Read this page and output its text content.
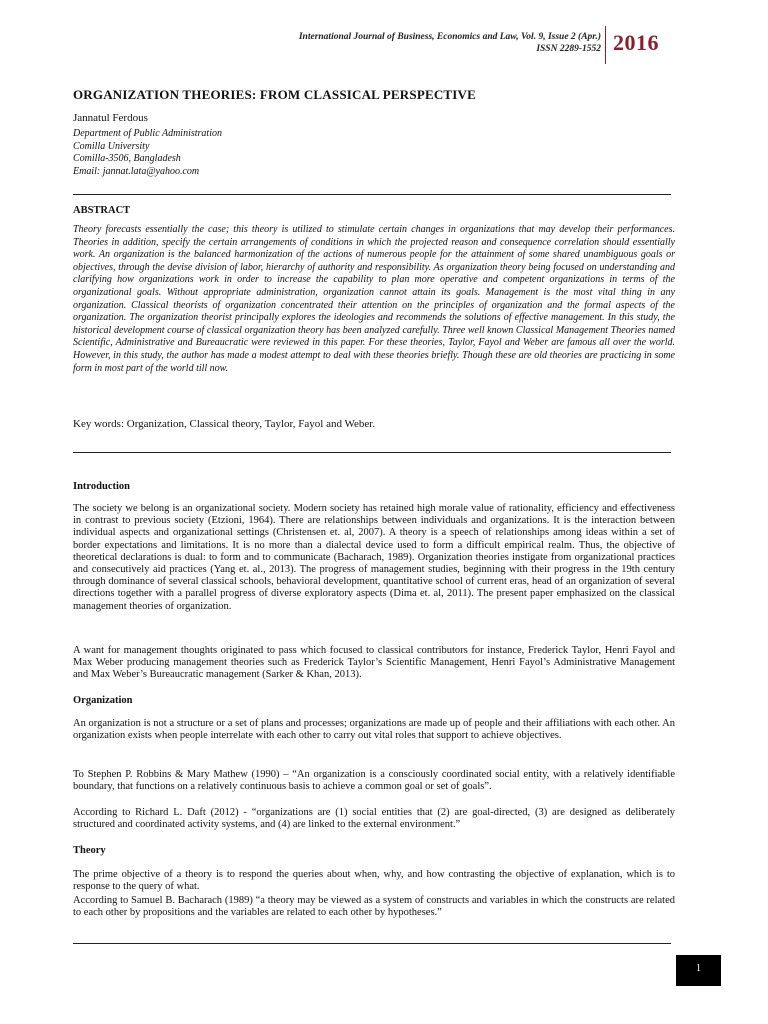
International Journal of Business, Economics and Law, Vol. 9, Issue 2 (Apr.)
ISSN 2289-1552 2016
ORGANIZATION THEORIES: FROM CLASSICAL PERSPECTIVE
Jannatul Ferdous
Department of Public Administration
Comilla University
Comilla-3506, Bangladesh
Email: jannat.lata@yahoo.com
ABSTRACT
Theory forecasts essentially the case; this theory is utilized to stimulate certain changes in organizations that may develop their performances. Theories in addition, specify the certain arrangements of conditions in which the projected reason and consequence correlation should essentially work. An organization is the balanced harmonization of the actions of numerous people for the attainment of some shared unambiguous goals or objectives, through the devise division of labor, hierarchy of authority and responsibility. As organization theory being focused on understanding and clarifying how organizations work in order to increase the capability to plan more operative and competent organizations in terms of the organizational goals. Without appropriate administration, organization cannot attain its goals. Management is the most vital thing in any organization. Classical theorists of organization concentrated their attention on the principles of organization and the formal aspects of the organization. The organization theorist principally explores the ideologies and recommends the solutions of effective management. In this study, the historical development course of classical organization theory has been analyzed carefully. Three well known Classical Management Theories named Scientific, Administrative and Bureaucratic were reviewed in this paper. For these theories, Taylor, Fayol and Weber are famous all over the world. However, in this study, the author has made a modest attempt to deal with these theories briefly. Though these are old theories are practicing in some form in most part of the world till now.
Key words: Organization, Classical theory, Taylor, Fayol and Weber.
Introduction
The society we belong is an organizational society. Modern society has retained high morale value of rationality, efficiency and effectiveness in contrast to previous society (Etzioni, 1964). There are relationships between individuals and organizations. It is the interaction between individual aspects and organizational settings (Christensen et. al, 2007). A theory is a speech of relationships among ideas within a set of border expectations and limitations. It is no more than a dialectal device used to form a difficult empirical realm. Thus, the objective of theoretical declarations is dual: to form and to communicate (Bacharach, 1989). Organization theories instigate from organizational practices and consecutively aid practices (Yang et. al., 2013). The progress of management studies, beginning with their progress in the 19th century through dominance of several classical schools, behavioral development, quantitative school of current eras, head of an organization of several directions together with a parallel progress of diverse exploratory aspects (Dima et. al, 2011). The present paper emphasized on the classical management theories of organization.
A want for management thoughts originated to pass which focused to classical contributors for instance, Frederick Taylor, Henri Fayol and Max Weber producing management theories such as Frederick Taylor’s Scientific Management, Henri Fayol’s Administrative Management and Max Weber’s Bureaucratic management (Sarker & Khan, 2013).
Organization
An organization is not a structure or a set of plans and processes; organizations are made up of people and their affiliations with each other. An organization exists when people interrelate with each other to carry out vital roles that support to achieve objectives.
To Stephen P. Robbins & Mary Mathew (1990) – “An organization is a consciously coordinated social entity, with a relatively identifiable boundary, that functions on a relatively continuous basis to achieve a common goal or set of goals”.
According to Richard L. Daft (2012) - “organizations are (1) social entities that (2) are goal-directed, (3) are designed as deliberately structured and coordinated activity systems, and (4) are linked to the external environment.”
Theory
The prime objective of a theory is to respond the queries about when, why, and how contrasting the objective of explanation, which is to response to the query of what.
According to Samuel B. Bacharach (1989) “a theory may be viewed as a system of constructs and variables in which the constructs are related to each other by propositions and the variables are related to each other by hypotheses.”
1
